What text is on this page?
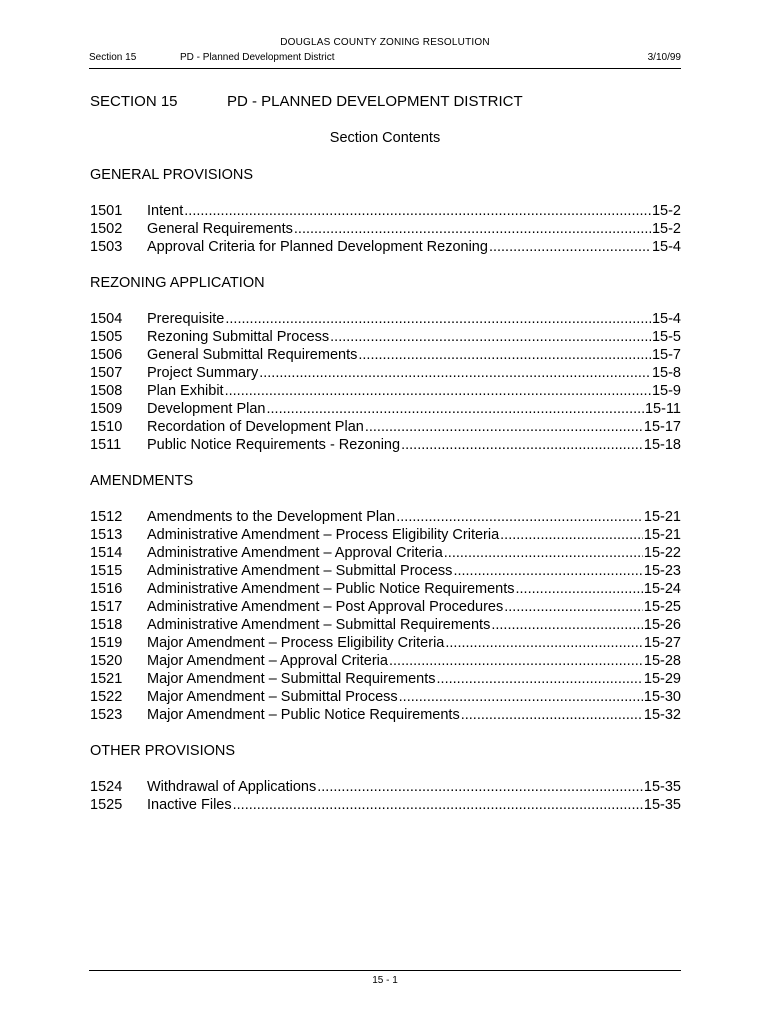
DOUGLAS COUNTY ZONING RESOLUTION
Section 15	PD - Planned Development District	3/10/99
SECTION 15	PD - PLANNED DEVELOPMENT DISTRICT
Section Contents
GENERAL PROVISIONS
1501	Intent .....	15-2
1502	General Requirements .....	15-2
1503	Approval Criteria for Planned Development Rezoning .....	15-4
REZONING APPLICATION
1504	Prerequisite .....	15-4
1505	Rezoning Submittal Process .....	15-5
1506	General Submittal Requirements .....	15-7
1507	Project Summary .....	15-8
1508	Plan Exhibit .....	15-9
1509	Development Plan .....	15-11
1510	Recordation of Development Plan .....	15-17
1511	Public Notice Requirements - Rezoning .....	15-18
AMENDMENTS
1512	Amendments to the Development Plan .....	15-21
1513	Administrative Amendment – Process Eligibility Criteria .....	15-21
1514	Administrative Amendment – Approval Criteria .....	15-22
1515	Administrative Amendment – Submittal Process .....	15-23
1516	Administrative Amendment – Public Notice Requirements .....	15-24
1517	Administrative Amendment – Post Approval Procedures .....	15-25
1518	Administrative Amendment – Submittal Requirements .....	15-26
1519	Major Amendment – Process Eligibility Criteria .....	15-27
1520	Major Amendment – Approval Criteria .....	15-28
1521	Major Amendment – Submittal Requirements .....	15-29
1522	Major Amendment – Submittal Process .....	15-30
1523	Major Amendment – Public Notice Requirements .....	15-32
OTHER PROVISIONS
1524	Withdrawal of Applications .....	15-35
1525	Inactive Files .....	15-35
15 - 1
